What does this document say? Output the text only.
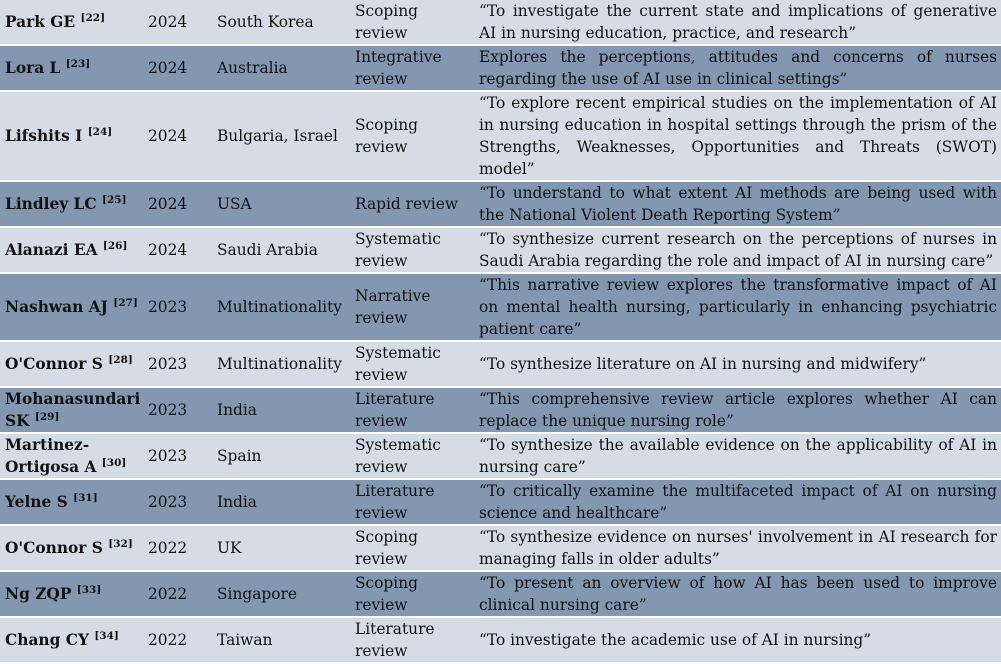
Park GE [22]	2024	South Korea	Scoping review	“To investigate the current state and implications of generative AI in nursing education, practice, and research”
Lora L [23]	2024	Australia	Integrative review	Explores the perceptions, attitudes and concerns of nurses regarding the use of AI use in clinical settings”
Lifshits I [24]	2024	Bulgaria, Israel	Scoping review	“To explore recent empirical studies on the implementation of AI in nursing education in hospital settings through the prism of the Strengths, Weaknesses, Opportunities and Threats (SWOT) model”
Lindley LC [25]	2024	USA	Rapid review	“To understand to what extent AI methods are being used with the National Violent Death Reporting System”
Alanazi EA [26]	2024	Saudi Arabia	Systematic review	“To synthesize current research on the perceptions of nurses in Saudi Arabia regarding the role and impact of AI in nursing care”
Nashwan AJ [27]	2023	Multinationality	Narrative review	“This narrative review explores the transformative impact of AI on mental health nursing, particularly in enhancing psychiatric patient care”
O'Connor S [28]	2023	Multinationality	Systematic review	“To synthesize literature on AI in nursing and midwifery”
Mohanasundari SK [29]	2023	India	Literature review	“This comprehensive review article explores whether AI can replace the unique nursing role”
Martinez-Ortigosa A [30]	2023	Spain	Systematic review	“To synthesize the available evidence on the applicability of AI in nursing care”
Yelne S [31]	2023	India	Literature review	“To critically examine the multifaceted impact of AI on nursing science and healthcare”
O'Connor S [32]	2022	UK	Scoping review	“To synthesize evidence on nurses' involvement in AI research for managing falls in older adults”
Ng ZQP [33]	2022	Singapore	Scoping review	“To present an overview of how AI has been used to improve clinical nursing care”
Chang CY [34]	2022	Taiwan	Literature review	“To investigate the academic use of AI in nursing”
